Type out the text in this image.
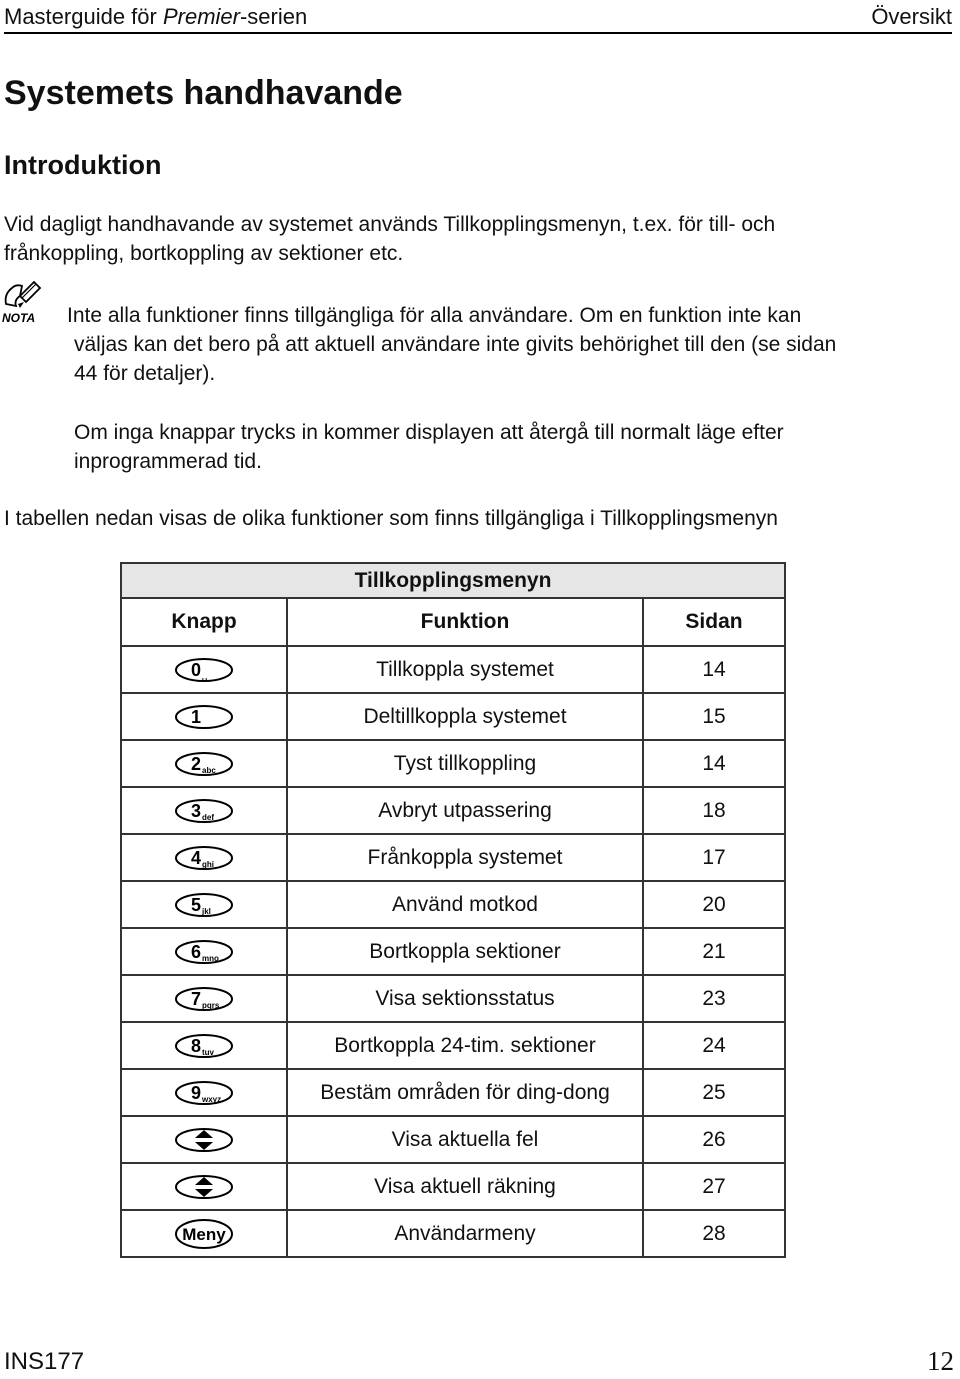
Masterguide för Premier-serien	Översikt
Systemets handhavande
Introduktion
Vid dagligt handhavande av systemet används Tillkopplingsmenyn, t.ex. för till- och
frånkoppling, bortkoppling av sektioner etc.
NOTA Inte alla funktioner finns tillgängliga för alla användare. Om en funktion inte kan
väljas kan det bero på att aktuell användare inte givits behörighet till den (se sidan
44 för detaljer).
Om inga knappar trycks in kommer displayen att återgå till normalt läge efter
inprogrammerad tid.
I tabellen nedan visas de olika funktioner som finns tillgängliga i Tillkopplingsmenyn
Tillkopplingsmenyn		
Knapp	Funktion	Sidan

0 ␣	Tillkoppla systemet	14

1	Deltillkoppla systemet	15

2 abc	Tyst tillkoppling	14

3 def	Avbryt utpassering	18

4 ghi	Frånkoppla systemet	17

5 jkl	Använd motkod	20

6 mno	Bortkoppla sektioner	21

7 pqrs	Visa sektionsstatus	23

8 tuv	Bortkoppla 24-tim. sektioner	24

9 wxyz	Bestäm områden för ding-dong	25

	Visa aktuella fel	26

	Visa aktuell räkning	27

Meny	Användarmeny	28
INS177	12
